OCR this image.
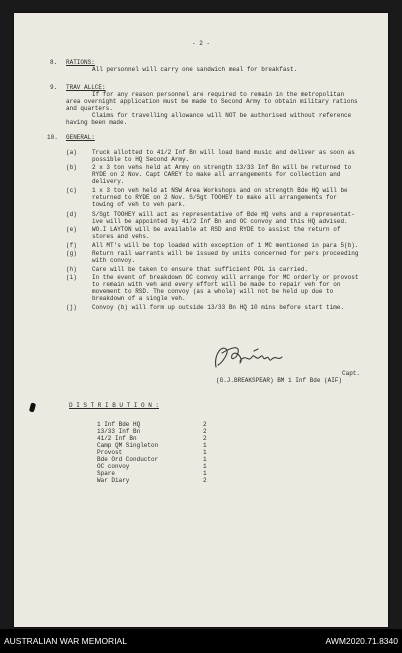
- 2 -
8. RATIONS:
All personnel will carry one sandwich meal for breakfast.
9. TRAV ALLCE:
If for any reason personnel are required to remain in the metropolitan
area overnight application must be made to Second Army to obtain military rations
and quarters.
Claims for travelling allowance will NOT be authorised without reference
having been made.
10. GENERAL:
(a)	Truck allotted to 41/2 Inf Bn will load band music and deliver as soon as
possible to HQ Second Army.
(b)	2 x 3 ton vehs held at Army on strength 13/33 Inf Bn will be returned to
RYDE on 2 Nov. Capt CAREY to make all arrangements for collection and
delivery.
(c)	1 x 3 ton veh held at NSW Area Workshops and on strength Bde HQ will be
returned to RYDE on 2 Nov. S/Sgt TOOHEY to make all arrangements for
towing of veh to veh park.
(d)	S/Sgt TOOHEY will act as representative of Bde HQ vehs and a representat-
ive will be appointed by 41/2 Inf Bn and OC convoy and this HQ advised.
(e)	WO.I LAYTON will be available at RSD and RYDE to assist the return of
stores and vehs.
(f)	All MT's will be top loaded with exception of 1 MC mentioned in para 5(b).
(g)	Return rail warrants will be issued by units concerned for pers proceeding
with convoy.
(h)	Care will be taken to ensure that sufficient POL is carried.
(i)	In the event of breakdown OC convoy will arrange for MC orderly or provost
to remain with veh and every effort will be made to repair veh for on
movement to RSD. The convoy (as a whole) will not be held up due to
breakdown of a single veh.
(j)	Convoy (b) will form up outside 13/33 Bn HQ 10 mins before start time.
Capt.
(G.J.BREAKSPEAR) BM 1 Inf Bde (AIF)
D I S T R I B U T I O N :
1 Inf Bde HQ	2
13/33 Inf Bn	2
41/2 Inf Bn	2
Camp QM Singleton	1
Provost	1
Bde Ord Conductor	1
OC convoy	1
Spare	1
War Diary	2
AUSTRALIAN WAR MEMORIAL	AWM2020.71.8340
